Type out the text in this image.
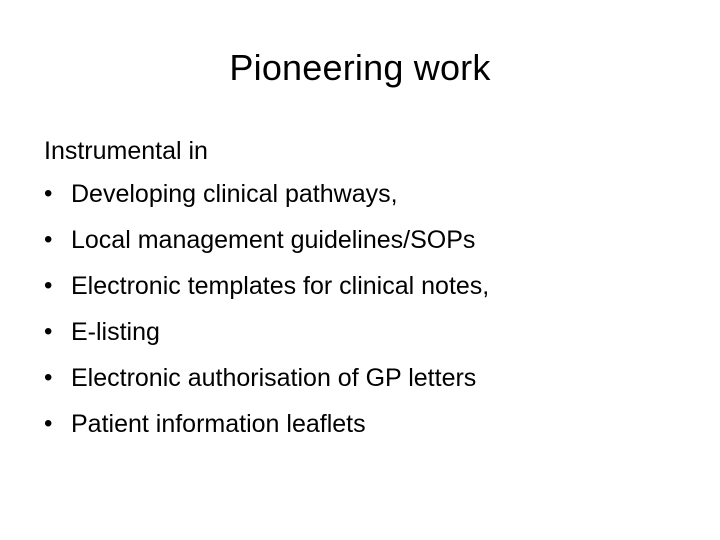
Pioneering work

Instrumental in

• Developing clinical pathways,
• Local management guidelines/SOPs
• Electronic templates for clinical notes,
• E-listing
• Electronic authorisation of GP letters
• Patient information leaflets
